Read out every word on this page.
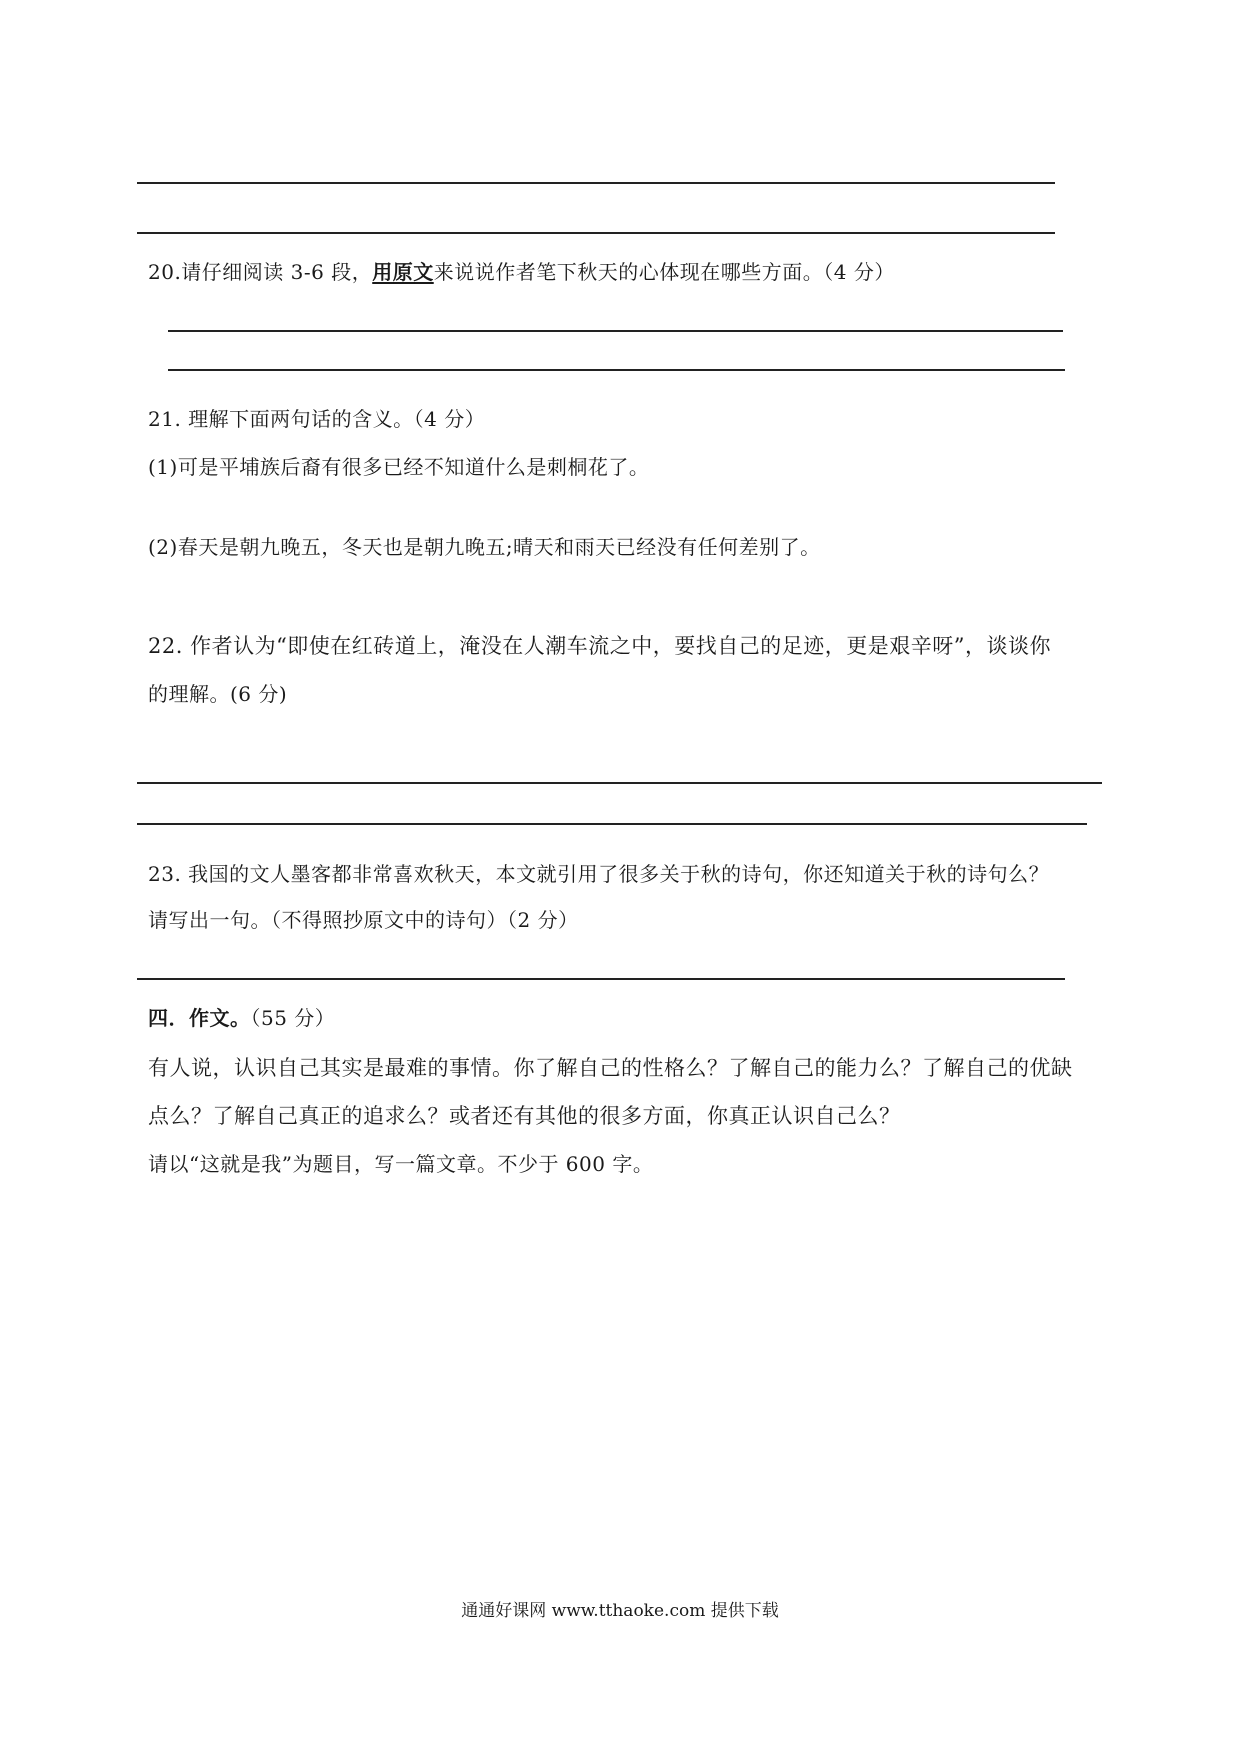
20.请仔细阅读 3-6 段，用原文来说说作者笔下秋天的心体现在哪些方面。（4 分）
21. 理解下面两句话的含义。（4 分）
(1)可是平埔族后裔有很多已经不知道什么是刺桐花了。
(2)春天是朝九晚五，冬天也是朝九晚五;晴天和雨天已经没有任何差别了。
22. 作者认为“即使在红砖道上，淹没在人潮车流之中，要找自己的足迹，更是艰辛呀”，谈谈你
的理解。(6 分)
23. 我国的文人墨客都非常喜欢秋天，本文就引用了很多关于秋的诗句，你还知道关于秋的诗句么？
请写出一句。（不得照抄原文中的诗句）（2 分）
四．作文。（55 分）
有人说，认识自己其实是最难的事情。你了解自己的性格么？了解自己的能力么？了解自己的优缺
点么？了解自己真正的追求么？或者还有其他的很多方面，你真正认识自己么？
请以“这就是我”为题目，写一篇文章。不少于 600 字。
通通好课网 www.tthaoke.com 提供下载
